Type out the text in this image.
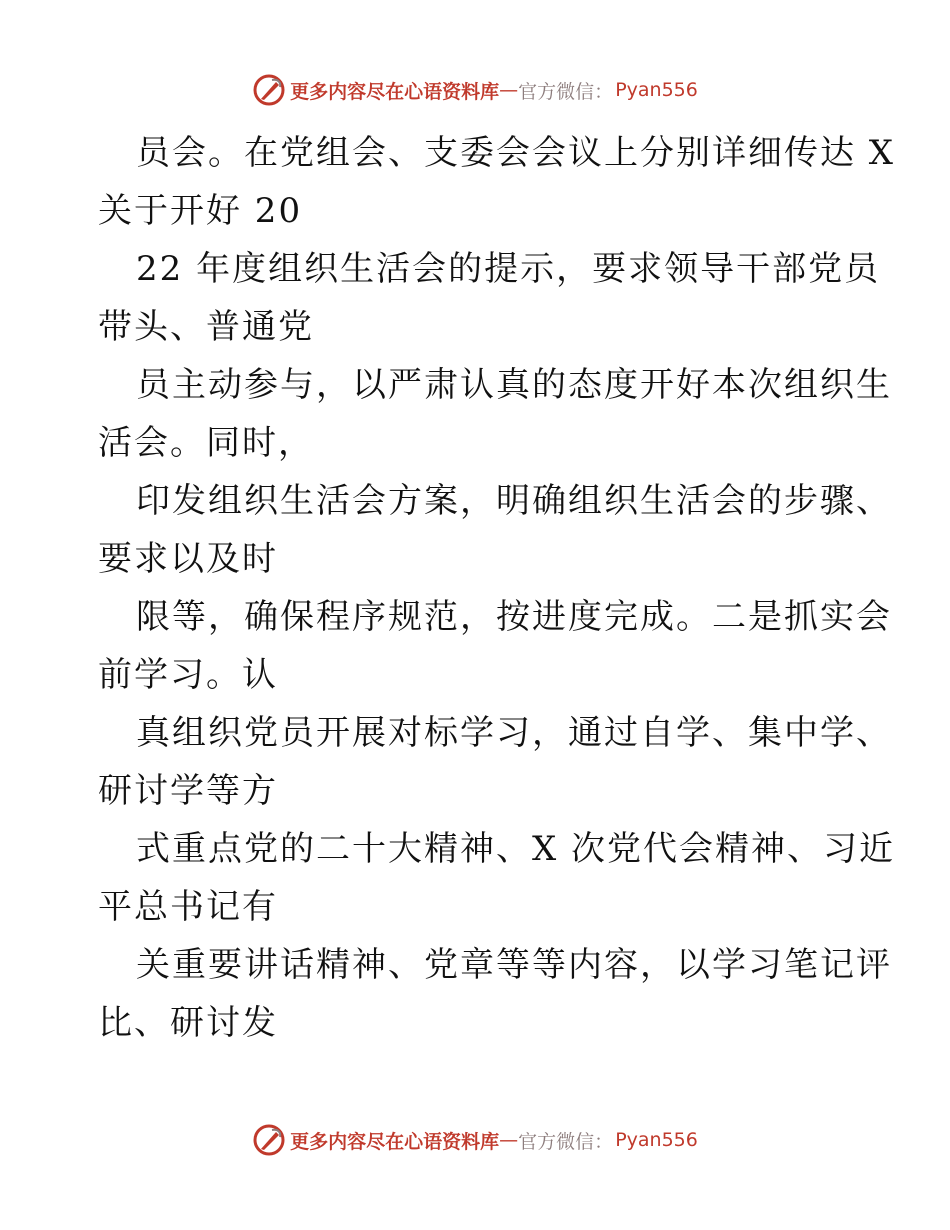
更多内容尽在心语资料库 — 官方微信： Pyan556
员会。在党组会、支委会会议上分别详细传达 X
关于开好 20
22 年度组织生活会的提示，要求领导干部党员
带头、普通党
员主动参与，以严肃认真的态度开好本次组织生
活会。同时，
印发组织生活会方案，明确组织生活会的步骤、
要求以及时
限等，确保程序规范，按进度完成。二是抓实会
前学习。认
真组织党员开展对标学习，通过自学、集中学、
研讨学等方
式重点党的二十大精神、X 次党代会精神、习近
平总书记有
关重要讲话精神、党章等等内容，以学习笔记评
比、研讨发
更多内容尽在心语资料库 — 官方微信： Pyan556
